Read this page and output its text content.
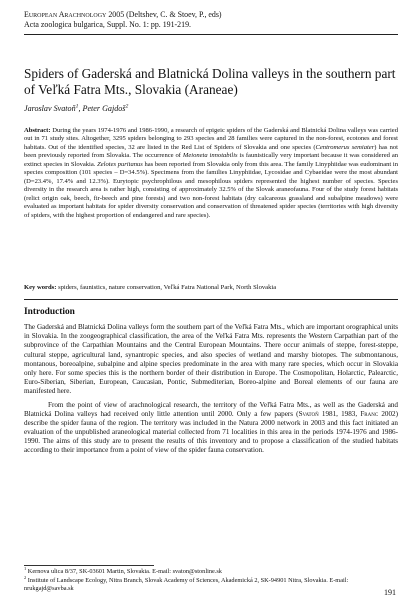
European Arachnology 2005 (Deltshev, C. & Stoev, P., eds)
Acta zoologica bulgarica, Suppl. No. 1: pp. 191-219.
Spiders of Gaderská and Blatnická Dolina valleys in the southern part of Veľká Fatra Mts., Slovakia (Araneae)
Jaroslav Svatoň$^1$, Peter Gajdoš$^2$

Abstract: During the years 1974-1976 and 1986-1990, a research of epigeic spiders of the Gaderská and Blatnická Dolina valleys was carried out in 71 study sites. Altogether, 3295 spiders belonging to 293 species and 28 families were captured in the non-forest, ecotones and forest habitats. Out of the identified species, 32 are listed in the Red List of Spiders of Slovakia and one species (Centromerus semiater) has not been previously reported from Slovakia. The occurrence of Meioneta innotabilis is faunistically very important because it was considered an extinct species in Slovakia. Zelotes puritanus has been reported from Slovakia only from this area. The family Linyphiidae was eudominant in species composition (101 species – D=34.5%). Specimens from the families Linyphiidae, Lycosidae and Cybaeidae were the most abundant (D=23.4%, 17.4% and 12.3%). Eurytopic psychrophilous and mesophilous spiders represented the highest number of species. Species diversity in the research area is rather high, consisting of approximately 32.5% of the Slovak araneofauna. Four of the study forest habitats (relict origin oak, beech, fir-beech and pine forests) and two non-forest habitats (dry calcareous grassland and subalpine meadows) were evaluated as important habitats for spider diversity conservation and conservation of threatened spider species (territories with high diversity of spiders, with the highest proportion of endangered and rare species).

Key words: spiders, faunistics, nature conservation, Veľká Fatra National Park, North Slovakia
Introduction

The Gaderská and Blatnická Dolina valleys form the southern part of the Veľká Fatra Mts., which are important orographical units in Slovakia. In the zoogeographical classification, the area of the Veľká Fatra Mts. represents the Western Carpathian part of the subprovince of the Carpathian Mountains and the Central European Mountains. There occur animals of steppe, forest-steppe, cultural steppe, agricultural land, synantropic species, and also species of wetland and marshy biotopes. The submontanous, montanous, boreoalpine, subalpine and alpine species predominate in the area with many rare species, which occur in Slovakia only here. For some species this is the northern border of their distribution in Europe. The Cosmopolitan, Holarctic, Palearctic, Euro-Siberian, Siberian, European, Caucasian, Pontic, Submediterian, Boreo-alpine and Boreal elements of our fauna are manifested here.

From the point of view of arachnological research, the territory of the Veľká Fatra Mts., as well as the Gaderská and Blatnická Dolina valleys had received only little attention until 2000. Only a few papers (Svatoň 1981, 1983, Franc 2002) describe the spider fauna of the region. The territory was included in the Natura 2000 network in 2003 and this fact initiated an evaluation of the unpublished araneological material collected from 71 localities in this area in the periods 1974-1976 and 1986-1990. The aims of this study are to present the results of this inventory and to propose a classification of the studied habitats according to their importance from a point of view of the spider fauna conservation.

$^1$ Kernova ulica 8/37, SK-03601 Martin, Slovakia. E-mail: svaton@stonline.sk

$^2$ Institute of Landscape Ecology, Nitra Branch, Slovak Academy of Sciences, Akademická 2, SK-94901 Nitra, Slovakia. E-mail: nrukgajd@savba.sk	191
